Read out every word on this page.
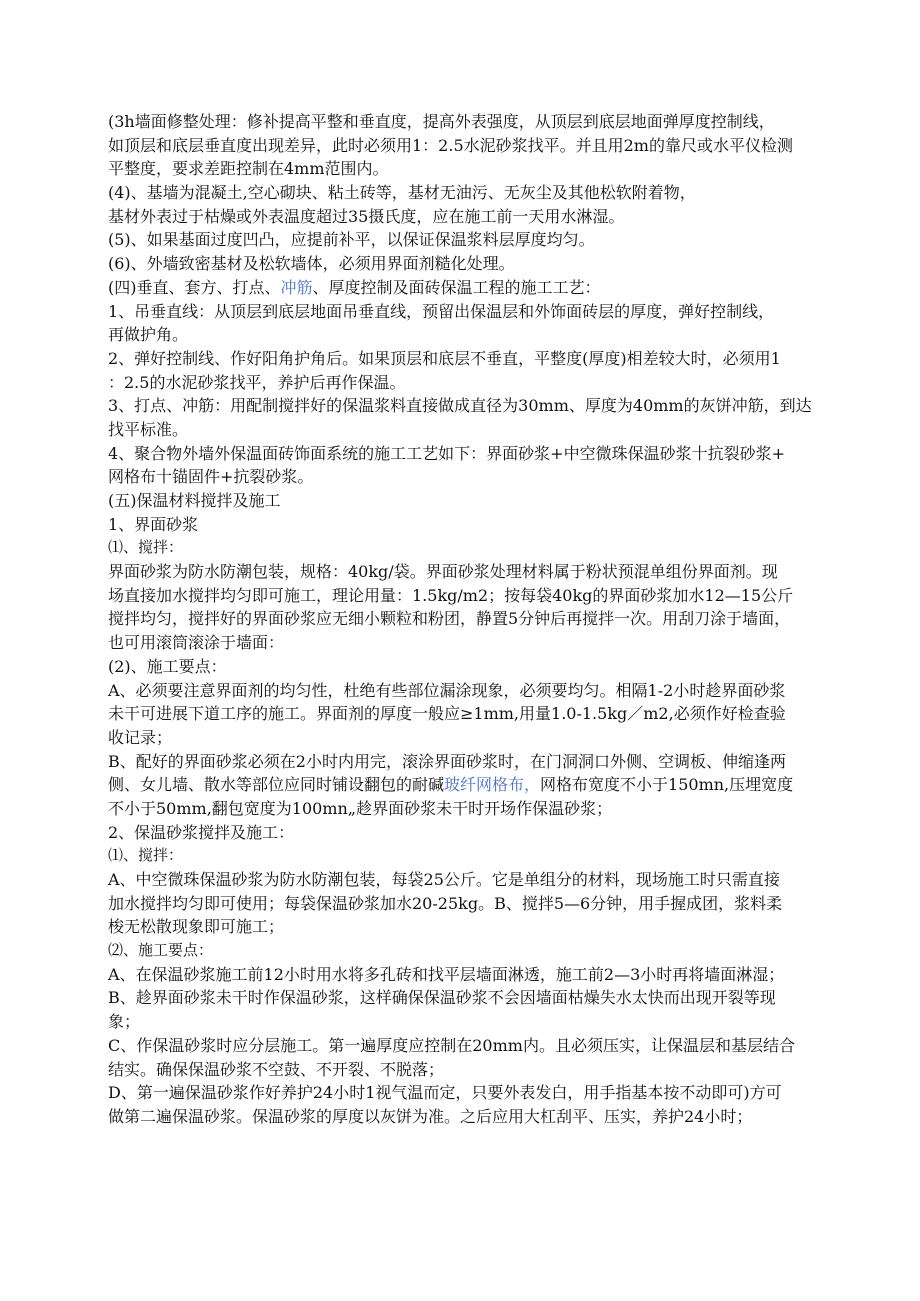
(3h墙面修整处理：修补提高平整和垂直度，提高外表强度，从顶层到底层地面弹厚度控制线，
如顶层和底层垂直度出现差异，此时必须用1：2.5水泥砂浆找平。并且用2m的靠尺或水平仪检测
平整度，要求差距控制在4mm范围内。
(4)、基墙为混凝土,空心砌块、粘土砖等，基材无油污、无灰尘及其他松软附着物，
基材外表过于枯燥或外表温度超过35摄氏度，应在施工前一天用水淋湿。
(5)、如果基面过度凹凸，应提前补平，以保证保温浆料层厚度均匀。
(6)、外墙致密基材及松软墙体，必须用界面剂糙化处理。
(四)垂直、套方、打点、冲筋、厚度控制及面砖保温工程的施工工艺：
1、吊垂直线：从顶层到底层地面吊垂直线，预留出保温层和外饰面砖层的厚度，弹好控制线，
再做护角。
2、弹好控制线、作好阳角护角后。如果顶层和底层不垂直，平整度(厚度)相差较大时，必须用1
：2.5的水泥砂浆找平，养护后再作保温。
3、打点、冲筋：用配制搅拌好的保温浆料直接做成直径为30mm、厚度为40mm的灰饼冲筋，到达
找平标准。
4、聚合物外墙外保温面砖饰面系统的施工工艺如下：界面砂浆+中空微珠保温砂浆十抗裂砂浆+
网格布十锚固件+抗裂砂浆。
(五)保温材料搅拌及施工
1、界面砂浆
⑴、搅拌：
界面砂浆为防水防潮包装，规格：40kg/袋。界面砂浆处理材料属于粉状预混单组份界面剂。现
场直接加水搅拌均匀即可施工，理论用量：1.5kg/m2；按每袋40kg的界面砂浆加水12—15公斤
搅拌均匀，搅拌好的界面砂浆应无细小颗粒和粉团，静置5分钟后再搅拌一次。用刮刀涂于墙面，
也可用滚筒滚涂于墙面：
(2)、施工要点：
A、必须要注意界面剂的均匀性，杜绝有些部位漏涂现象，必须要均匀。相隔1-2小时趁界面砂浆
未干可进展下道工序的施工。界面剂的厚度一般应≥1mm,用量1.0-1.5kg／m2,必须作好检查验
收记录；
B、配好的界面砂浆必须在2小时内用完，滚涂界面砂浆时，在门洞洞口外侧、空调板、伸缩逢两
侧、女儿墙、散水等部位应同时铺设翻包的耐碱玻纤网格布，网格布宽度不小于150mn,压埋宽度
不小于50mm,翻包宽度为100mn„趁界面砂浆未干时开场作保温砂浆；
2、保温砂浆搅拌及施工：
⑴、搅拌：
A、中空微珠保温砂浆为防水防潮包装，每袋25公斤。它是单组分的材料，现场施工时只需直接
加水搅拌均匀即可使用；每袋保温砂浆加水20-25kg。B、搅拌5—6分钟，用手握成团，浆料柔
梭无松散现象即可施工；
⑵、施工要点：
A、在保温砂浆施工前12小时用水将多孔砖和找平层墙面淋透，施工前2—3小时再将墙面淋湿；
B、趁界面砂浆未干时作保温砂浆，这样确保保温砂浆不会因墙面枯燥失水太快而出现开裂等现
象；
C、作保温砂浆时应分层施工。第一遍厚度应控制在20mm内。且必须压实，让保温层和基层结合
结实。确保保温砂浆不空鼓、不开裂、不脱落；
D、第一遍保温砂浆作好养护24小时1视气温而定，只要外表发白，用手指基本按不动即可)方可
做第二遍保温砂浆。保温砂浆的厚度以灰饼为准。之后应用大杠刮平、压实，养护24小时；
